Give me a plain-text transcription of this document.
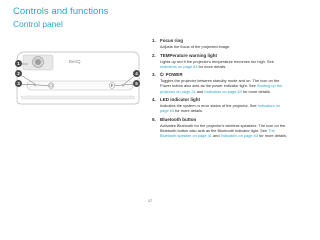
Controls and functions
Control panel
BenQ
1
2
3
4
5
1. Focus ring
Adjusts the focus of the projected image.
2. TEMPerature warning light
Lights up red if the projector's temperature becomes too high. See Indicators on page 63 for more details.
3. ⏻ POWER
Toggles the projector between standby mode and on. The icon on the Power button also acts as the power indicator light. See Starting up the projector on page 21 and Indicators on page 63 for more details.
4. LED indicator light
Indicates the system or error status of the projector. See Indicators on page 63 for more details.
5. Bluetooth button
Activates Bluetooth for the projector's wireless speakers. The icon on the Bluetooth button also acts as the Bluetooth indicator light. See The Bluetooth speaker on page 41 and Indicators on page 63 for more details.
17
